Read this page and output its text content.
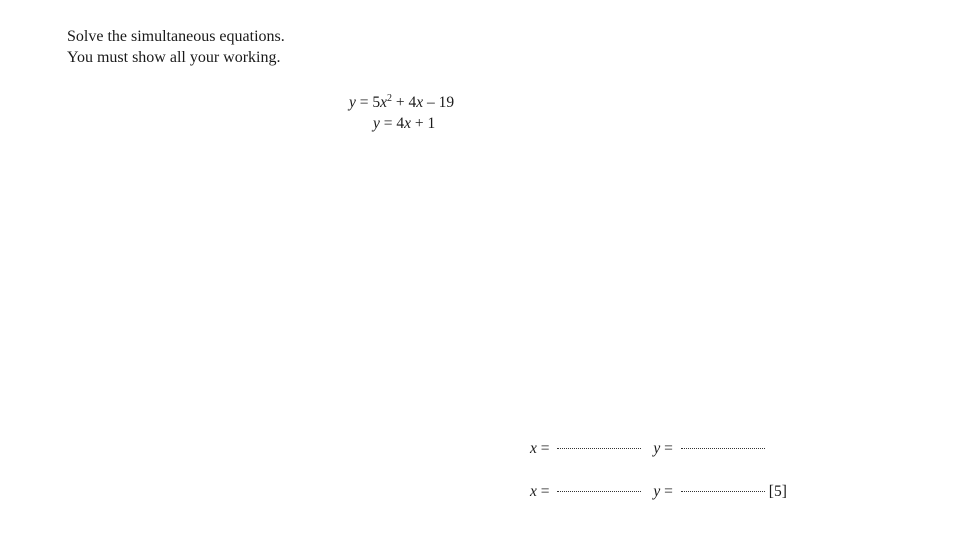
Solve the simultaneous equations.
You must show all your working.
$y = 5x^2 + 4x - 19$
y = 4x + 1
x =	y =
x =	y =	[5]
